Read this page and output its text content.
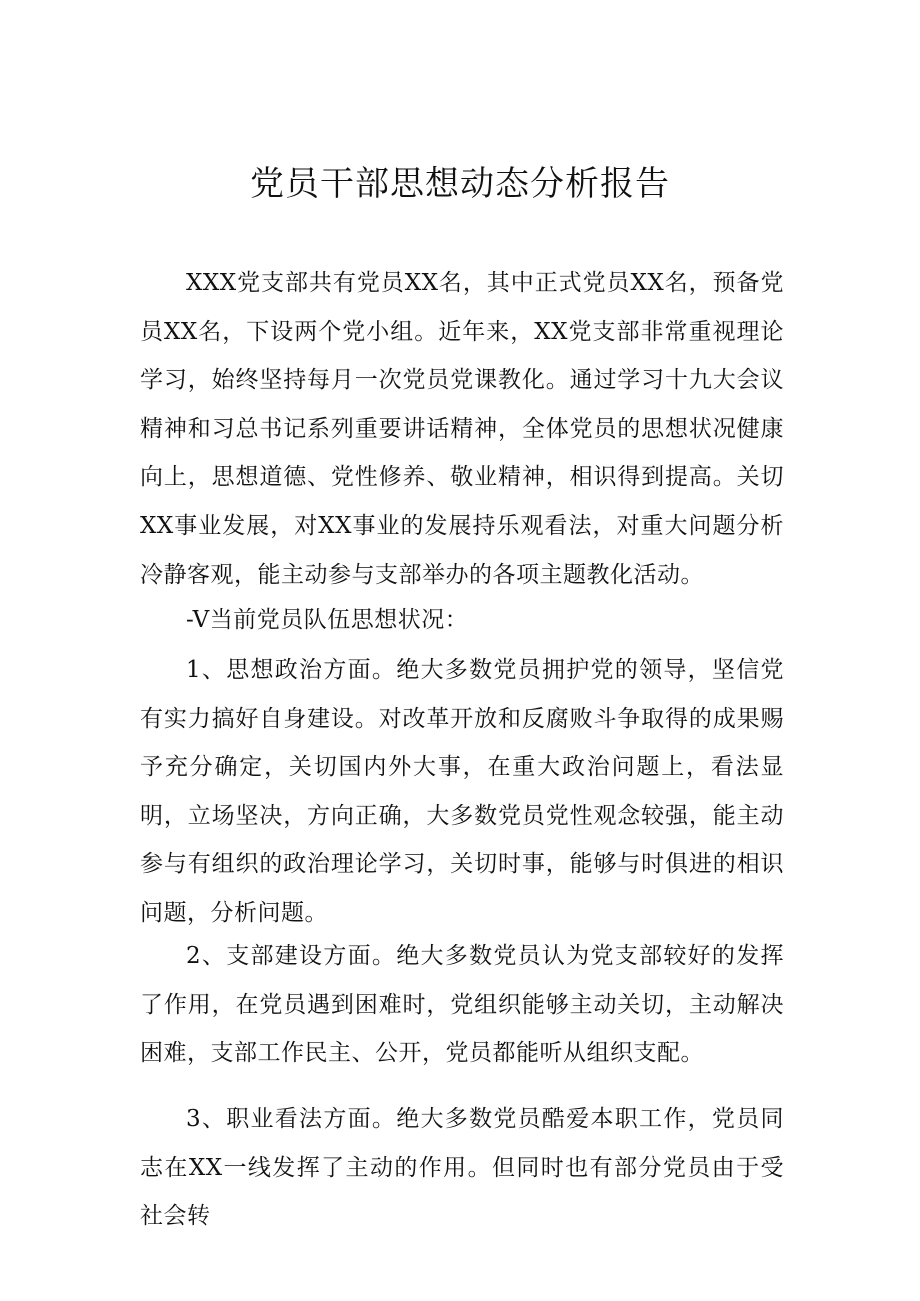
党员干部思想动态分析报告

XXX党支部共有党员XX名，其中正式党员XX名，预备党员XX名，下设两个党小组。近年来，XX党支部非常重视理论学习，始终坚持每月一次党员党课教化。通过学习十九大会议精神和习总书记系列重要讲话精神，全体党员的思想状况健康向上，思想道德、党性修养、敬业精神，相识得到提高。关切XX事业发展，对XX事业的发展持乐观看法，对重大问题分析冷静客观，能主动参与支部举办的各项主题教化活动。

-V当前党员队伍思想状况：

1、思想政治方面。绝大多数党员拥护党的领导，坚信党有实力搞好自身建设。对改革开放和反腐败斗争取得的成果赐予充分确定，关切国内外大事，在重大政治问题上，看法显明，立场坚决，方向正确，大多数党员党性观念较强，能主动参与有组织的政治理论学习，关切时事，能够与时俱进的相识问题，分析问题。

2、支部建设方面。绝大多数党员认为党支部较好的发挥了作用，在党员遇到困难时，党组织能够主动关切，主动解决困难，支部工作民主、公开，党员都能听从组织支配。

3、职业看法方面。绝大多数党员酷爱本职工作，党员同志在XX一线发挥了主动的作用。但同时也有部分党员由于受社会转
